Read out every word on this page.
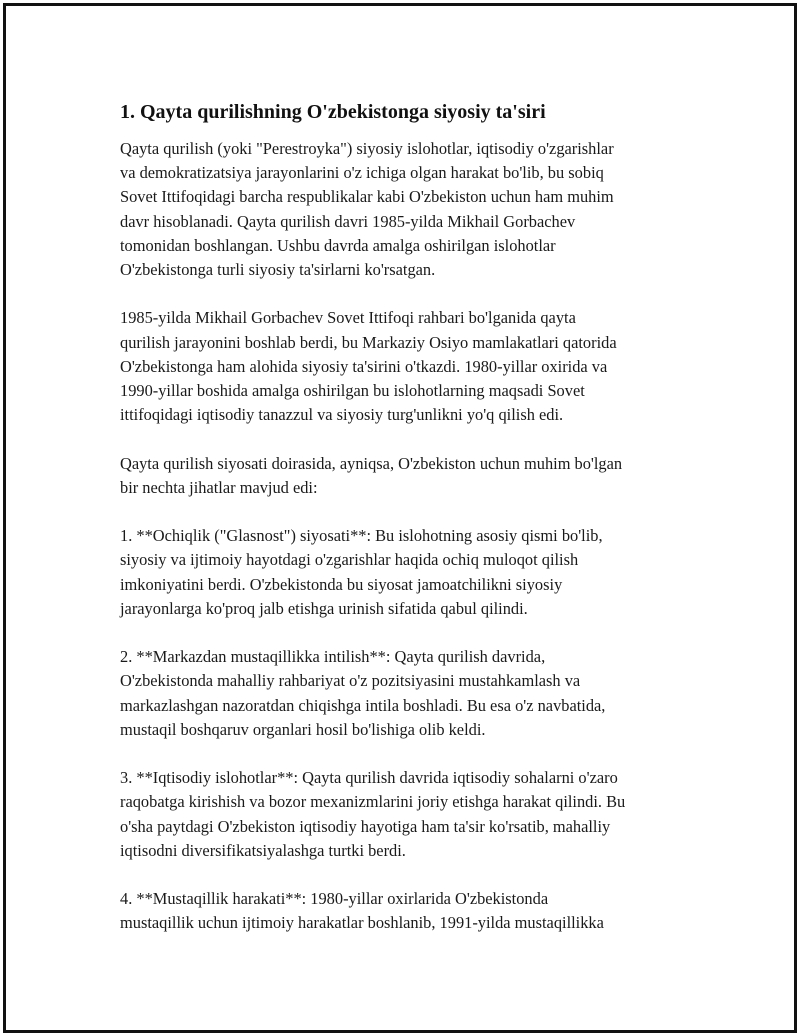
1. Qayta qurilishning O'zbekistonga siyosiy ta'siri

Qayta qurilish (yoki "Perestroyka") siyosiy islohotlar, iqtisodiy o'zgarishlar
va demokratizatsiya jarayonlarini o'z ichiga olgan harakat bo'lib, bu sobiq
Sovet Ittifoqidagi barcha respublikalar kabi O'zbekiston uchun ham muhim
davr hisoblanadi. Qayta qurilish davri 1985-yilda Mikhail Gorbachev
tomonidan boshlangan. Ushbu davrda amalga oshirilgan islohotlar
O'zbekistonga turli siyosiy ta'sirlarni ko'rsatgan.

1985-yilda Mikhail Gorbachev Sovet Ittifoqi rahbari bo'lganida qayta
qurilish jarayonini boshlab berdi, bu Markaziy Osiyo mamlakatlari qatorida
O'zbekistonga ham alohida siyosiy ta'sirini o'tkazdi. 1980-yillar oxirida va
1990-yillar boshida amalga oshirilgan bu islohotlarning maqsadi Sovet
ittifoqidagi iqtisodiy tanazzul va siyosiy turg'unlikni yo'q qilish edi.

Qayta qurilish siyosati doirasida, ayniqsa, O'zbekiston uchun muhim bo'lgan
bir nechta jihatlar mavjud edi:

1. **Ochiqlik ("Glasnost") siyosati**: Bu islohotning asosiy qismi bo'lib,
siyosiy va ijtimoiy hayotdagi o'zgarishlar haqida ochiq muloqot qilish
imkoniyatini berdi. O'zbekistonda bu siyosat jamoatchilikni siyosiy
jarayonlarga ko'proq jalb etishga urinish sifatida qabul qilindi.

2. **Markazdan mustaqillikka intilish**: Qayta qurilish davrida,
O'zbekistonda mahalliy rahbariyat o'z pozitsiyasini mustahkamlash va
markazlashgan nazoratdan chiqishga intila boshladi. Bu esa o'z navbatida,
mustaqil boshqaruv organlari hosil bo'lishiga olib keldi.

3. **Iqtisodiy islohotlar**: Qayta qurilish davrida iqtisodiy sohalarni o'zaro
raqobatga kirishish va bozor mexanizmlarini joriy etishga harakat qilindi. Bu
o'sha paytdagi O'zbekiston iqtisodiy hayotiga ham ta'sir ko'rsatib, mahalliy
iqtisodni diversifikatsiyalashga turtki berdi.

4. **Mustaqillik harakati**: 1980-yillar oxirlarida O'zbekistonda
mustaqillik uchun ijtimoiy harakatlar boshlanib, 1991-yilda mustaqillikka
